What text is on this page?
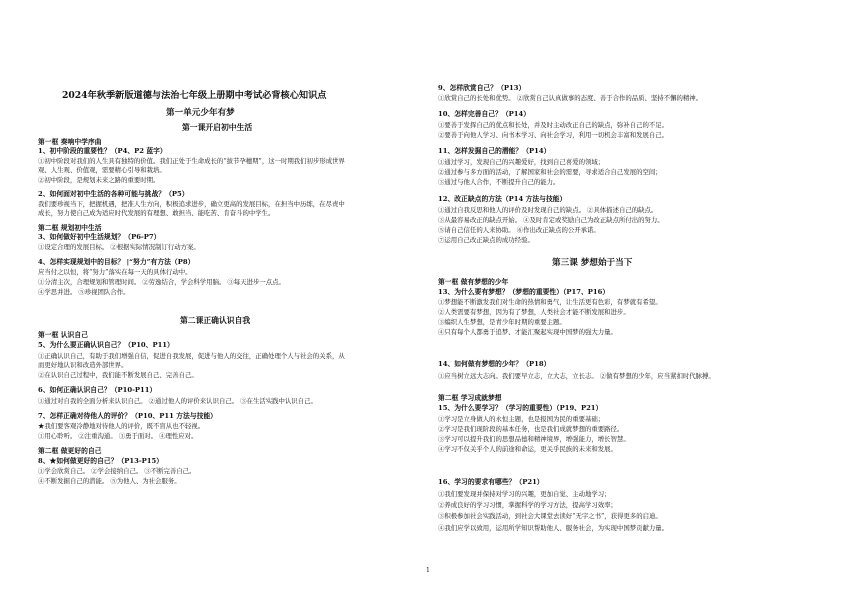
2024年秋季新版道德与法治七年级上册期中考试必背核心知识点
第一单元少年有梦
第一课开启初中生活
第一框 奏响中学序曲
1、初中阶段的重要性？（P4、P2 蓝字）
①初中阶段对我们的人生具有独特的价值。我们正处于生命成长的“拔节孕穗期”，这一时期我们初步形成世界
观、人生观、价值观，需要精心引导和栽培。
②初中阶段，是规划未来之路的重要时期。
2、如何面对初中生活的各种可能与挑战？（P5）
我们要珍视当下，把握机遇，把准人生方向，积极追求进步，确立更高的发展目标，在担当中历练，在尽责中
成长，努力使自己成为适应时代发展的有理想、敢担当、能吃苦、肯奋斗的中学生。
第二框 规划初中生活
3、如何做好初中生活规划？（P6-P7）
①设定合理的发展目标。 ②根据实际情况制订行动方案。
4、怎样实现规划中的目标？ |“努力”有方法（P8）
应当付之以恒，将“努力”落实在每一天的具体行动中。
①分清主次，合理规划和管理时间。 ②劳逸结合，学会科学用脑。 ③每天进步一点点。
④学思并进。 ⑤珍视团队合作。
第二课正确认识自我
第一框 认识自己
5、为什么要正确认识自己？（P10、P11）
①正确认识自己，有助于我们增强自信，促进自我发展，促进与他人的交往，正确处理个人与社会的关系，从
而更好地认识和改造外部世界。
②在认识自己过程中，我们能不断发展自己、完善自己。
6、如何正确认识自己？（P10-P11）
①通过对自我的全面分析来认识自己。 ②通过他人的评价来认识自己。 ③在生活实践中认识自己。
7、怎样正确对待他人的评价？（P10、P11 方法与技能）
★我们要客观冷静地对待他人的评价，既不盲从也不轻视。
①用心聆听。 ②注重沟通。 ③勇于面对。 ④理性应对。
第二框 做更好的自己
8、★如何做更好的自己？（P13-P15）
①学会欣赏自己。 ②学会接纳自己。 ③不断完善自己。
④不断发掘自己的潜能。 ⑤为他人、为社会服务。
9、怎样欣赏自己？（P13）
①欣赏自己的长处和优势。 ②欣赏自己认真做事的态度、善于合作的品质、坚持不懈的精神。
10、怎样完善自己？（P14）
①要善于发挥自己的优点和长处，并及时主动改正自己的缺点，弥补自己的不足。
②要善于向他人学习、向书本学习、向社会学习，利用一切机会丰富和发展自己。
11、怎样发掘自己的潜能？（P14）
①通过学习，发现自己的兴趣爱好，找到自己喜爱的领域；
②通过参与多方面的活动，了解国家和社会的需要，寻求适合自己发展的空间；
③通过与他人合作，不断提升自己的能力。
12、改正缺点的方法（P14 方法与技能）
①通过自我反思和他人的评价及时发现自己的缺点。 ②具体描述自己的缺点。
③从最容易改正的缺点开始。 ④及时肯定或奖励自己为改正缺点所付出的努力。
⑤请自己信任的人来协助。 ⑥作出改正缺点的公开承诺。
⑦运用自己改正缺点的成功经验。
第三课 梦想始于当下
第一框 做有梦想的少年
13、为什么要有梦想？（梦想的重要性）（P17、P16）
①梦想能不断激发我们对生命的热情和勇气，让生活更有色彩，有梦就有希望。
②人类需要有梦想，因为有了梦想，人类社会才能不断发展和进步。
③编织人生梦想，是青少年时期的重要主题。
④只有每个人都勇于追梦、才能汇聚起实现中国梦的强大力量。
14、如何做有梦想的少年？（P18）
①应当树立远大志向。我们要早立志，立大志，立长志。 ②做有梦想的少年，应当紧扣时代脉搏。
第二框 学习成就梦想
15、为什么要学习？（学习的重要性）（P19、P21）
①学习是立身做人的永恒主题，也是报国为民的重要基础；
②学习是我们现阶段的基本任务，也是我们成就梦想的重要路径。
③学习可以提升我们的思想品德和精神境界，增强能力，增长智慧。
④学习不仅关乎个人的前途和命运，更关乎民族的未来和发展。
16、学习的要求有哪些？（P21）
①我们要发现并保持对学习的兴趣，更加自觉、主动地学习；
②养成良好的学习习惯，掌握科学的学习方法，提高学习效率；
③积极参加社会实践活动，到社会大课堂去读好“无字之书”，获得更多的启迪。
④我们应学以致用，运用所学知识帮助他人、服务社会，为实现中国梦贡献力量。
1
